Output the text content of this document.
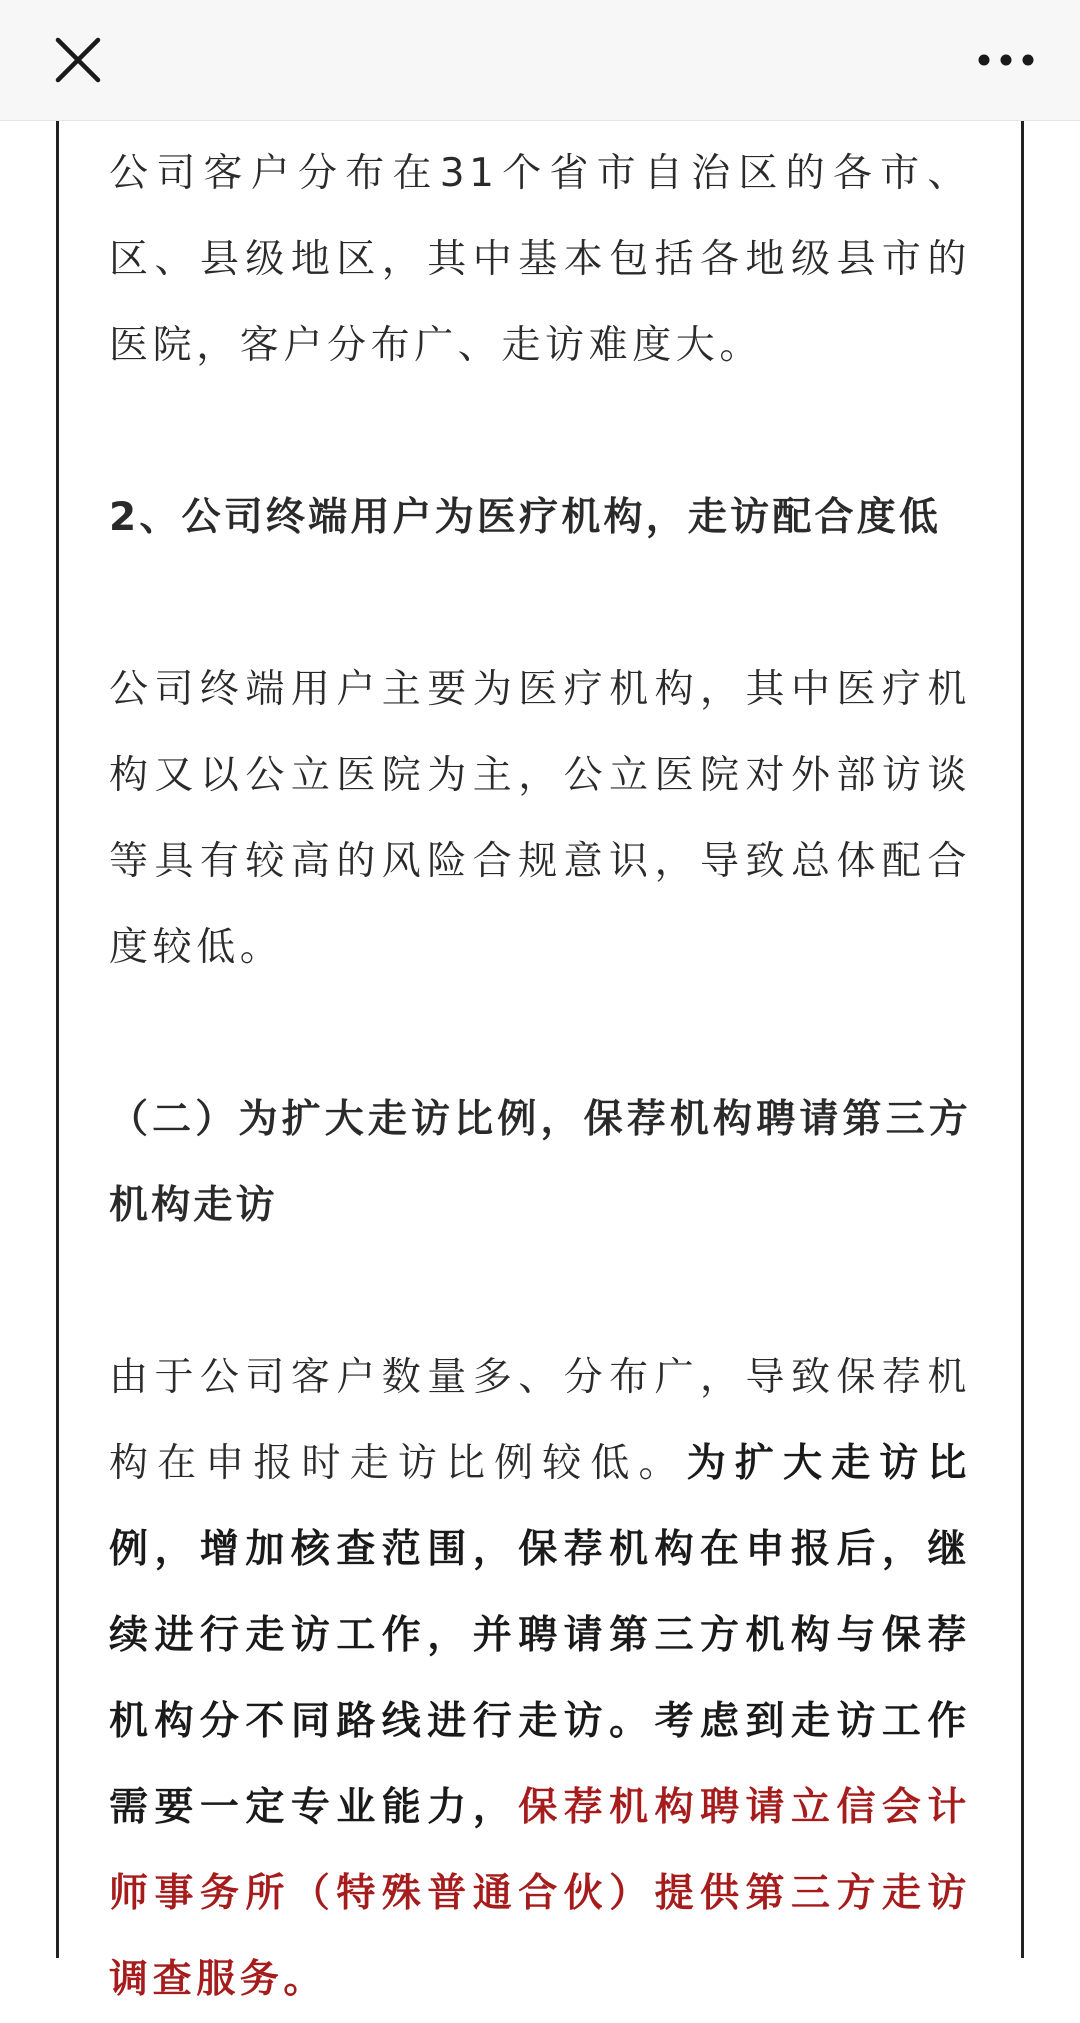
公司客户分布在31个省市自治区的各市、区、县级地区，其中基本包括各地级县市的医院，客户分布广、走访难度大。

2、公司终端用户为医疗机构，走访配合度低

公司终端用户主要为医疗机构，其中医疗机构又以公立医院为主，公立医院对外部访谈等具有较高的风险合规意识，导致总体配合度较低。

（二）为扩大走访比例，保荐机构聘请第三方机构走访

由于公司客户数量多、分布广，导致保荐机构在申报时走访比例较低。为扩大走访比例，增加核查范围，保荐机构在申报后，继续进行走访工作，并聘请第三方机构与保荐机构分不同路线进行走访。考虑到走访工作需要一定专业能力，保荐机构聘请立信会计师事务所（特殊普通合伙）提供第三方走访调查服务。
